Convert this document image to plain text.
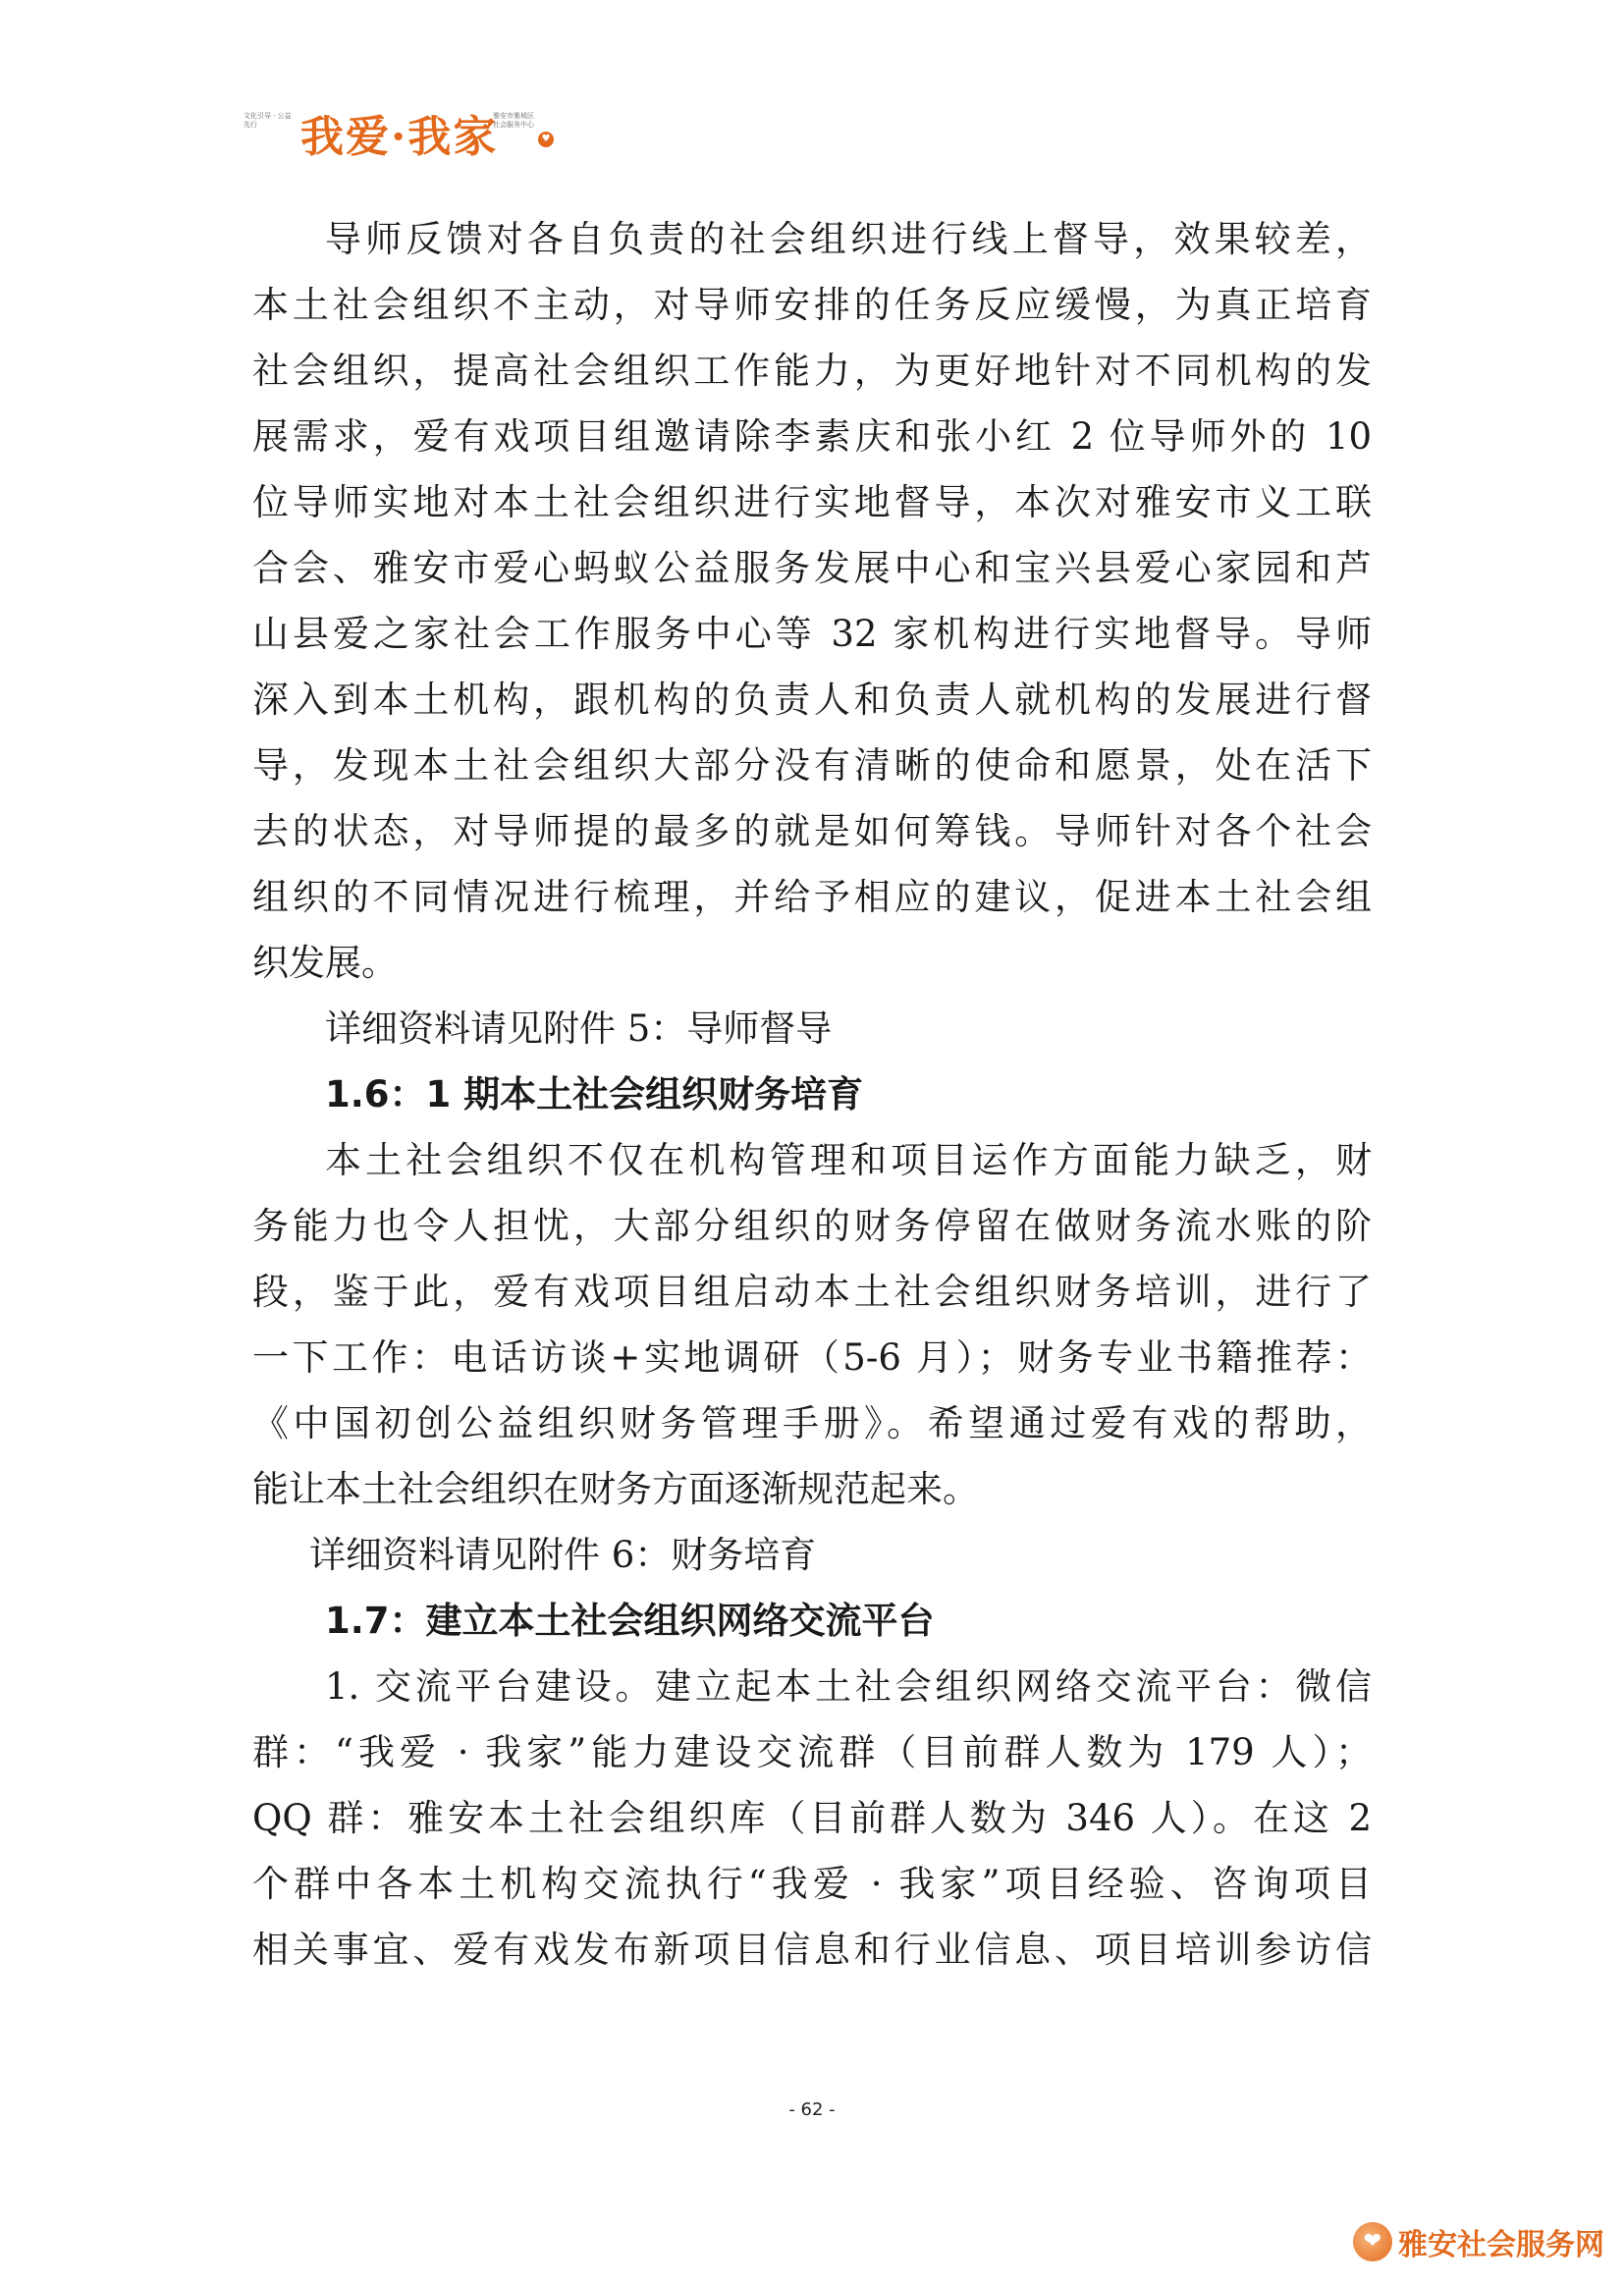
文化引导 · 公益先行	我爱·我家	♥
雅安市雅城区社会服务中心
导师反馈对各自负责的社会组织进行线上督导，效果较差，
本土社会组织不主动，对导师安排的任务反应缓慢，为真正培育
社会组织，提高社会组织工作能力，为更好地针对不同机构的发
展需求，爱有戏项目组邀请除李素庆和张小红 2 位导师外的 10
位导师实地对本土社会组织进行实地督导，本次对雅安市义工联
合会、雅安市爱心蚂蚁公益服务发展中心和宝兴县爱心家园和芦
山县爱之家社会工作服务中心等 32 家机构进行实地督导。导师
深入到本土机构，跟机构的负责人和负责人就机构的发展进行督
导，发现本土社会组织大部分没有清晰的使命和愿景，处在活下
去的状态，对导师提的最多的就是如何筹钱。导师针对各个社会
组织的不同情况进行梳理，并给予相应的建议，促进本土社会组
织发展。
详细资料请见附件 5：导师督导
1.6：1 期本土社会组织财务培育
本土社会组织不仅在机构管理和项目运作方面能力缺乏，财
务能力也令人担忧，大部分组织的财务停留在做财务流水账的阶
段，鉴于此，爱有戏项目组启动本土社会组织财务培训，进行了
一下工作：电话访谈+实地调研（5-6 月）；财务专业书籍推荐：
《中国初创公益组织财务管理手册》。希望通过爱有戏的帮助，
能让本土社会组织在财务方面逐渐规范起来。
详细资料请见附件 6：财务培育
1.7：建立本土社会组织网络交流平台
1. 交流平台建设。建立起本土社会组织网络交流平台：微信
群：“我爱 · 我家”能力建设交流群（目前群人数为 179 人）；
QQ 群：雅安本土社会组织库（目前群人数为 346 人）。在这 2
个群中各本土机构交流执行“我爱 · 我家”项目经验、咨询项目
相关事宜、爱有戏发布新项目信息和行业信息、项目培训参访信
- 62 -
❤ 雅安社会服务网
